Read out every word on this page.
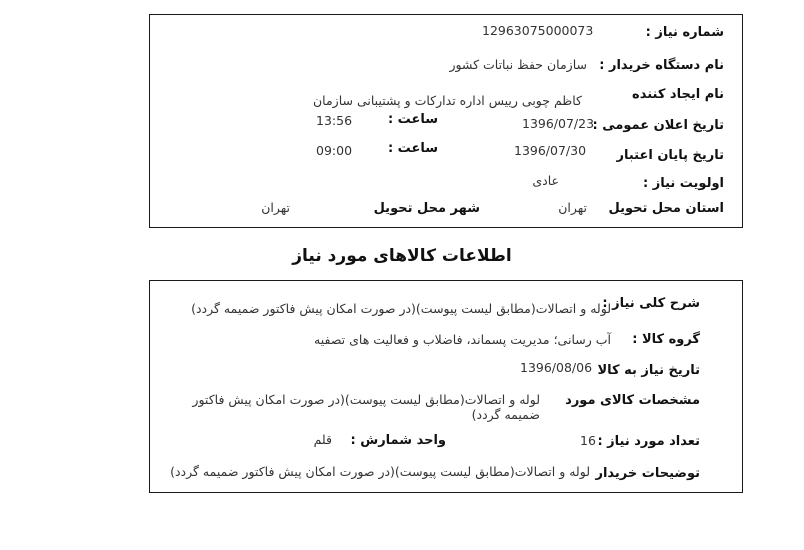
شماره نیاز :
12963075000073
نام دستگاه خریدار :
سازمان حفظ نباتات کشور
نام ایجاد کننده
کاظم چوبی رییس اداره تدارکات و پشتیبانی سازمان
تاریخ اعلان عمومی :
1396/07/23
ساعت :
13:56
تاریخ پایان اعتبار
1396/07/30
ساعت :
09:00
اولویت نیاز :
عادی
استان محل تحویل
تهران
شهر محل تحویل
تهران
اطلاعات کالاهای مورد نیاز
شرح کلی نیاز :
لوله و اتصالات(مطابق لیست پیوست)(در صورت امکان پیش فاکتور ضمیمه گردد)
گروه کالا :
آب رسانی؛ مدیریت پسماند، فاضلاب و فعالیت های تصفیه
تاریخ نیاز به کالا
1396/08/06
مشخصات کالای مورد
لوله و اتصالات(مطابق لیست پیوست)(در صورت امکان پیش فاکتور ضمیمه گردد)
تعداد مورد نیاز :
16
واحد شمارش :
قلم
توضیحات خریدار
لوله و اتصالات(مطابق لیست پیوست)(در صورت امکان پیش فاکتور ضمیمه گردد)
